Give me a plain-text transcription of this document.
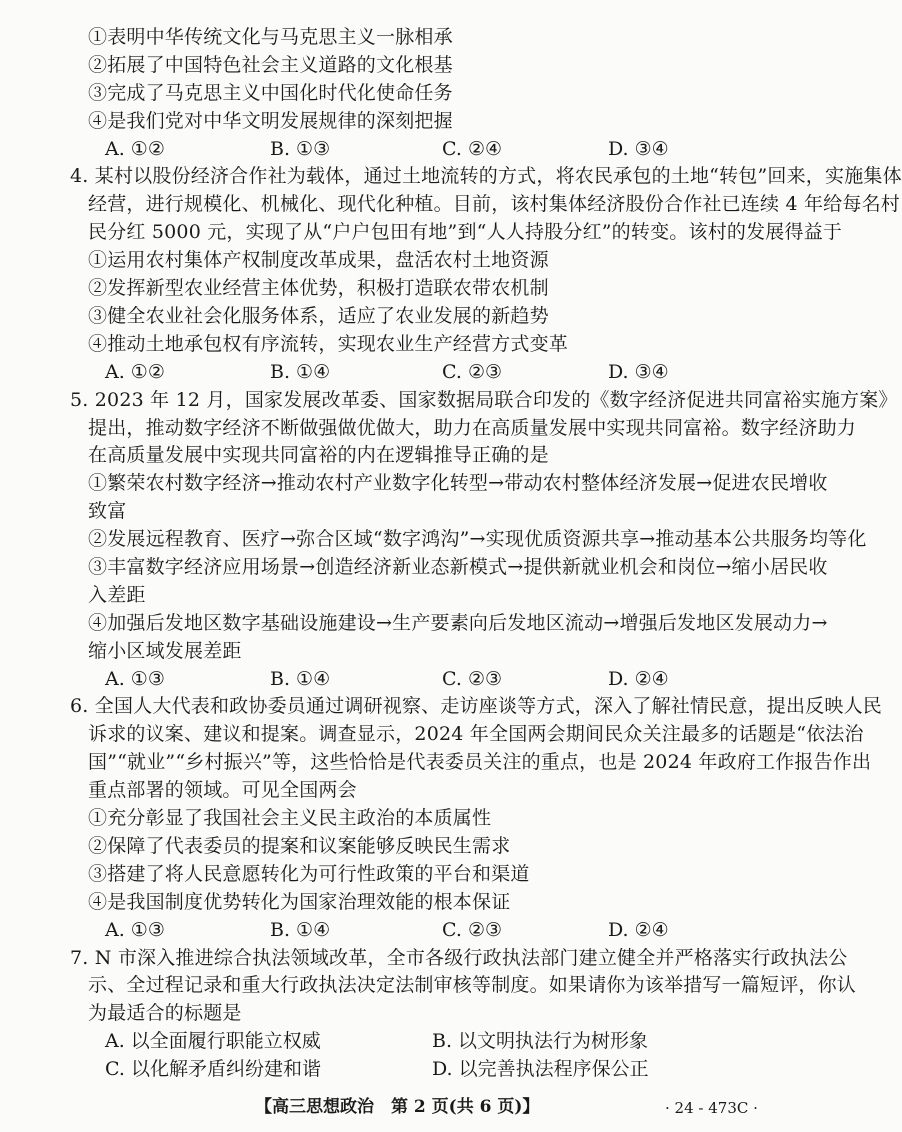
①表明中华传统文化与马克思主义一脉相承
②拓展了中国特色社会主义道路的文化根基
③完成了马克思主义中国化时代化使命任务
④是我们党对中华文明发展规律的深刻把握
A. ①②	B. ①③	C. ②④	D. ③④
4. 某村以股份经济合作社为载体，通过土地流转的方式，将农民承包的土地“转包”回来，实施集体
经营，进行规模化、机械化、现代化种植。目前，该村集体经济股份合作社已连续 4 年给每名村
民分红 5000 元，实现了从“户户包田有地”到“人人持股分红”的转变。该村的发展得益于
①运用农村集体产权制度改革成果，盘活农村土地资源
②发挥新型农业经营主体优势，积极打造联农带农机制
③健全农业社会化服务体系，适应了农业发展的新趋势
④推动土地承包权有序流转，实现农业生产经营方式变革
A. ①②	B. ①④	C. ②③	D. ③④
5. 2023 年 12 月，国家发展改革委、国家数据局联合印发的《数字经济促进共同富裕实施方案》
提出，推动数字经济不断做强做优做大，助力在高质量发展中实现共同富裕。数字经济助力
在高质量发展中实现共同富裕的内在逻辑推导正确的是
①繁荣农村数字经济→推动农村产业数字化转型→带动农村整体经济发展→促进农民增收
致富
②发展远程教育、医疗→弥合区域“数字鸿沟”→实现优质资源共享→推动基本公共服务均等化
③丰富数字经济应用场景→创造经济新业态新模式→提供新就业机会和岗位→缩小居民收
入差距
④加强后发地区数字基础设施建设→生产要素向后发地区流动→增强后发地区发展动力→
缩小区域发展差距
A. ①③	B. ①④	C. ②③	D. ②④
6. 全国人大代表和政协委员通过调研视察、走访座谈等方式，深入了解社情民意，提出反映人民
诉求的议案、建议和提案。调查显示，2024 年全国两会期间民众关注最多的话题是“依法治
国”“就业”“乡村振兴”等，这些恰恰是代表委员关注的重点，也是 2024 年政府工作报告作出
重点部署的领域。可见全国两会
①充分彰显了我国社会主义民主政治的本质属性
②保障了代表委员的提案和议案能够反映民生需求
③搭建了将人民意愿转化为可行性政策的平台和渠道
④是我国制度优势转化为国家治理效能的根本保证
A. ①③	B. ①④	C. ②③	D. ②④
7. N 市深入推进综合执法领域改革，全市各级行政执法部门建立健全并严格落实行政执法公
示、全过程记录和重大行政执法决定法制审核等制度。如果请你为该举措写一篇短评，你认
为最适合的标题是
A. 以全面履行职能立权威	B. 以文明执法行为树形象
C. 以化解矛盾纠纷建和谐	D. 以完善执法程序保公正
【高三思想政治　第 2 页(共 6 页)】	· 24 - 473C ·
